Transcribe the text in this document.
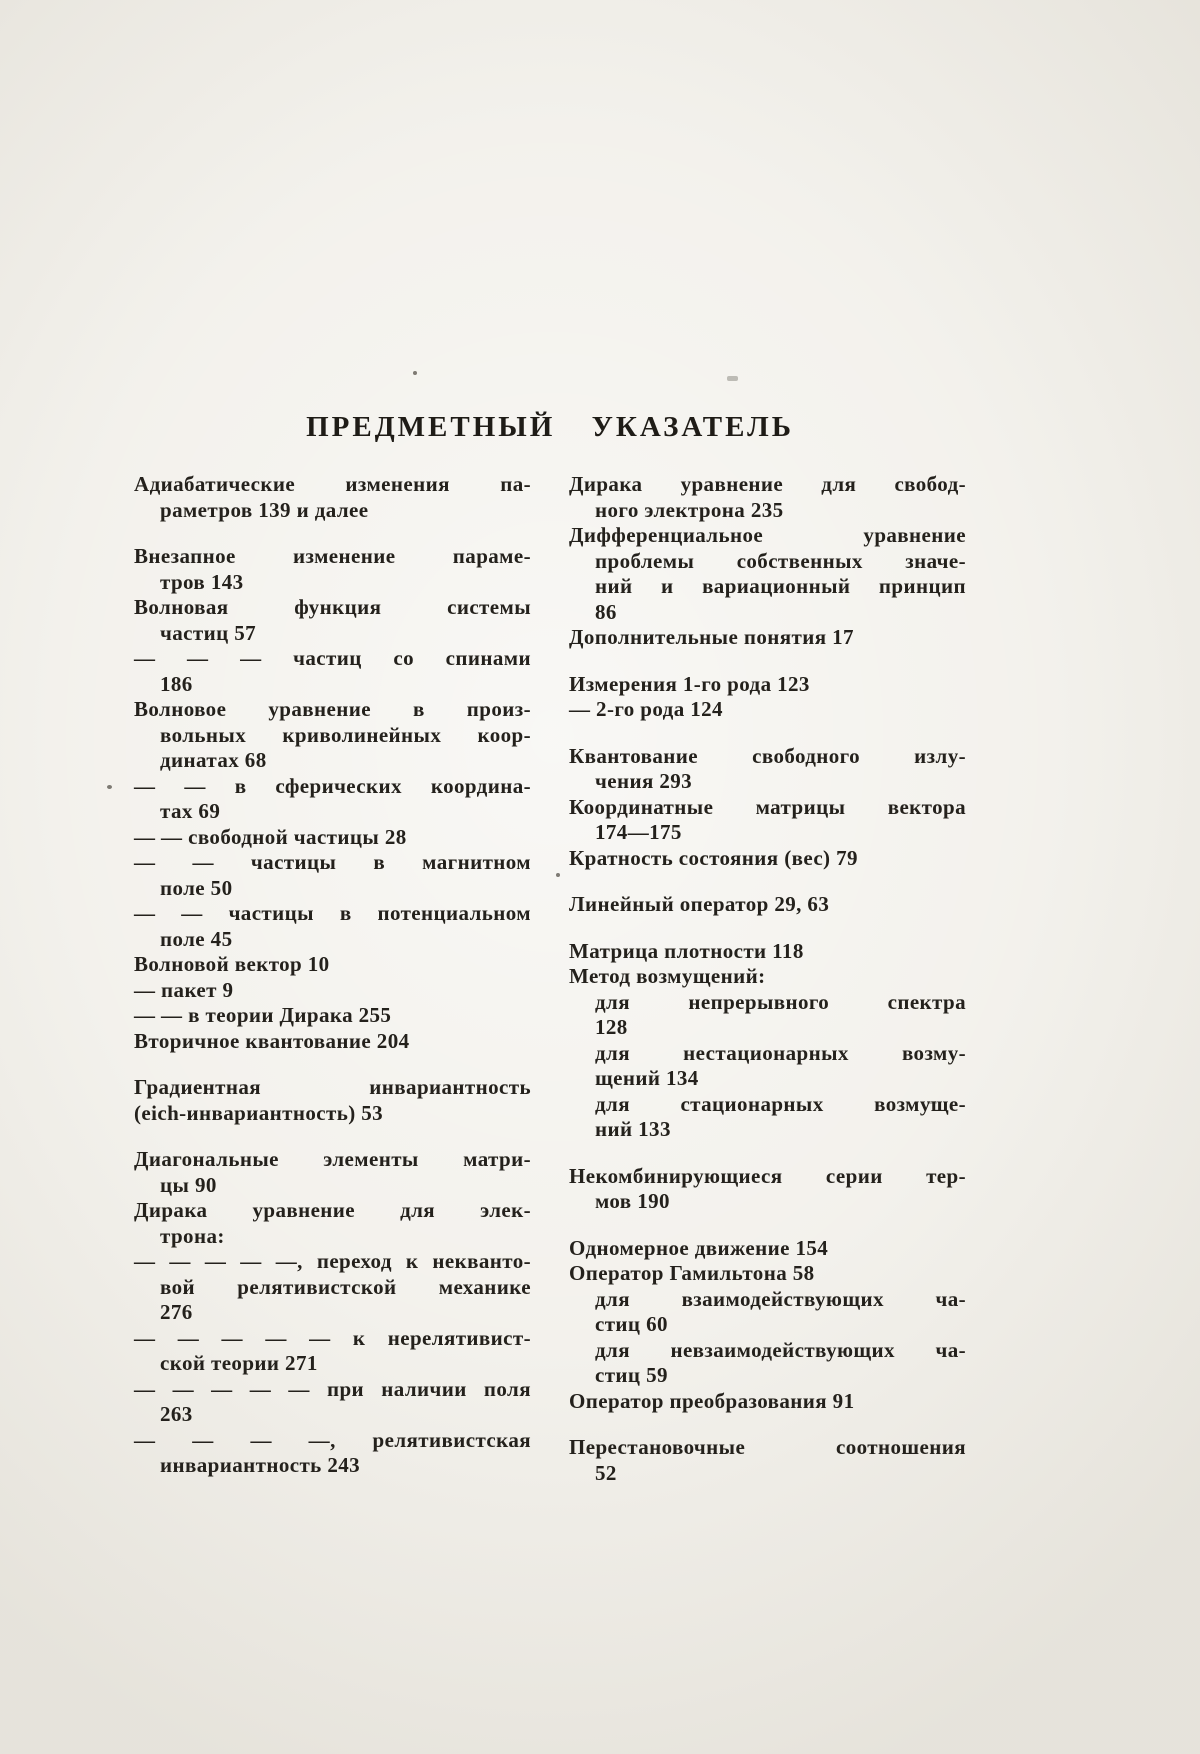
ПРЕДМЕТНЫЙ УКАЗАТЕЛЬ
Адиабатические изменения па-
раметров 139 и далее
Внезапное изменение параме-
тров 143
Волновая функция системы
частиц 57
— — — частиц со спинами
186
Волновое уравнение в произ-
вольных криволинейных коор-
динатах 68
— — в сферических координа-
тах 69
— — свободной частицы 28
— — частицы в магнитном
поле 50
— — частицы в потенциальном
поле 45
Волновой вектор 10
— пакет 9
— — в теории Дирака 255
Вторичное квантование 204
Градиентная инвариантность
(eich-инвариантность) 53
Диагональные элементы матри-
цы 90
Дирака уравнение для элек-
трона:
— — — — —, переход к некванто-
вой релятивистской механике
276
— — — — — к нерелятивист-
ской теории 271
— — — — — при наличии поля
263
— — — —, релятивистская
инвариантность 243
Дирака уравнение для свобод-
ного электрона 235
Дифференциальное уравнение
проблемы собственных значе-
ний и вариационный принцип
86
Дополнительные понятия 17
Измерения 1-го рода 123
— 2-го рода 124
Квантование свободного излу-
чения 293
Координатные матрицы вектора
174—175
Кратность состояния (вес) 79
Линейный оператор 29, 63
Матрица плотности 118
Метод возмущений:
для непрерывного спектра
128
для нестационарных возму-
щений 134
для стационарных возмуще-
ний 133
Некомбинирующиеся серии тер-
мов 190
Одномерное движение 154
Оператор Гамильтона 58
для взаимодействующих ча-
стиц 60
для невзаимодействующих ча-
стиц 59
Оператор преобразования 91
Перестановочные соотношения
52
